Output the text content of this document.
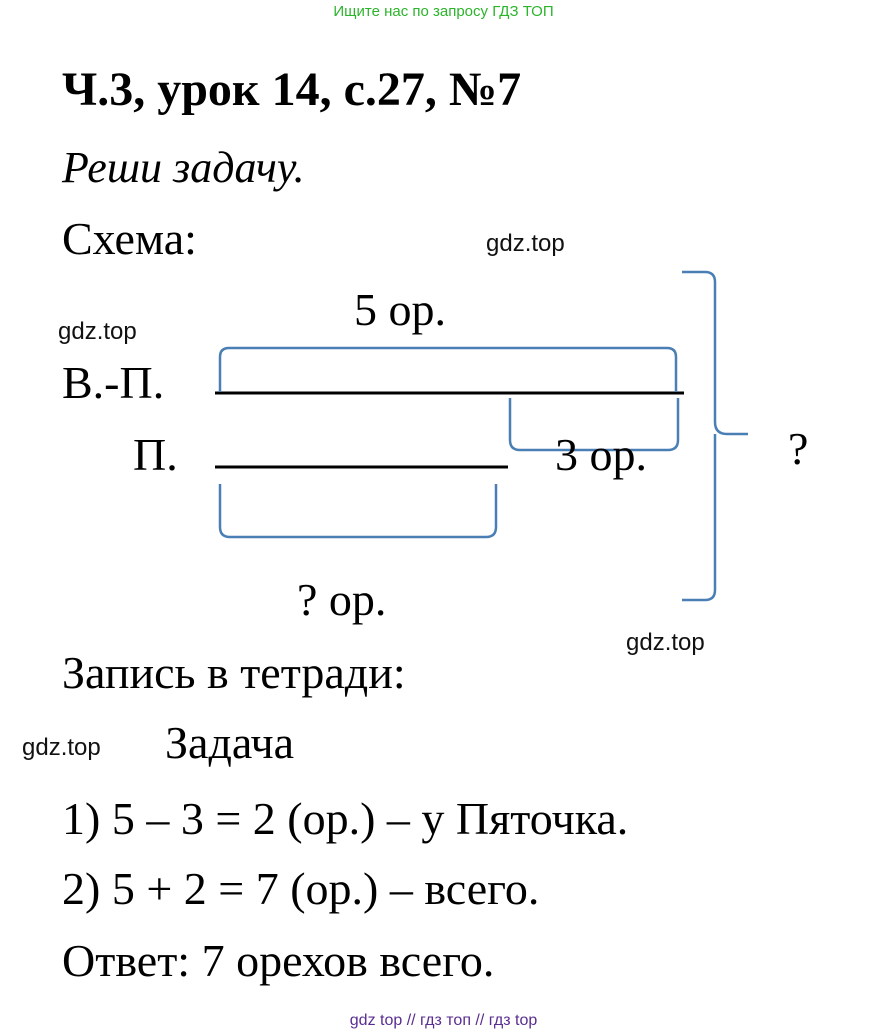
Ищите нас по запросу ГДЗ ТОП
Ч.3, урок 14, с.27, №7
Реши задачу.
Схема:
5 ор.
В.-П.
П.	3 ор.	?
? ор.
gdz.top
gdz.top
gdz.top
gdz.top
Запись в тетради:
Задача
1) 5 – 3 = 2 (ор.) – у Пяточка.
2) 5 + 2 = 7 (ор.) – всего.
Ответ: 7 орехов всего.
gdz top // гдз топ // гдз top
